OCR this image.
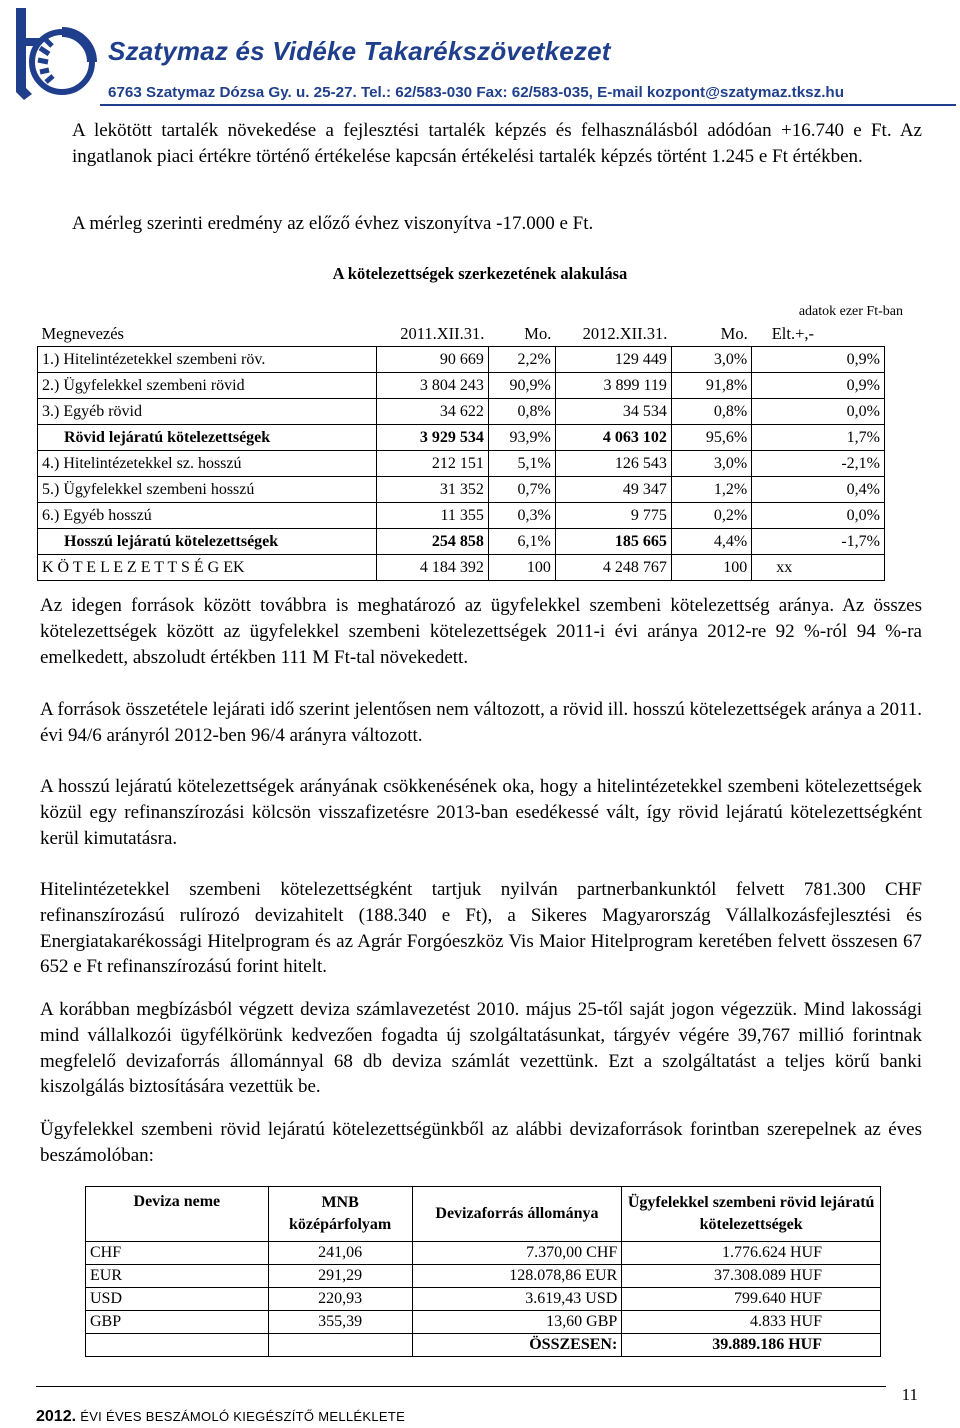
Szatymaz és Vidéke Takarékszövetkezet
6763 Szatymaz Dózsa Gy. u. 25-27. Tel.: 62/583-030 Fax: 62/583-035, E-mail kozpont@szatymaz.tksz.hu
A lekötött tartalék növekedése a fejlesztési tartalék képzés és felhasználásból adódóan +16.740 e Ft. Az ingatlanok piaci értékre történő értékelése kapcsán értékelési tartalék képzés történt 1.245 e Ft értékben.
A mérleg szerinti eredmény az előző évhez viszonyítva -17.000 e Ft.
A kötelezettségek szerkezetének alakulása
adatok ezer Ft-ban
Megnevezés	2011.XII.31.	Mo.	2012.XII.31.	Mo.	Elt.+,-
1.) Hitelintézetekkel szembeni röv.	90 669	2,2%	129 449	3,0%	0,9%
2.) Ügyfelekkel szembeni rövid	3 804 243	90,9%	3 899 119	91,8%	0,9%
3.) Egyéb rövid	34 622	0,8%	34 534	0,8%	0,0%
Rövid lejáratú kötelezettségek	3 929 534	93,9%	4 063 102	95,6%	1,7%
4.) Hitelintézetekkel sz. hosszú	212 151	5,1%	126 543	3,0%	-2,1%
5.) Ügyfelekkel szembeni hosszú	31 352	0,7%	49 347	1,2%	0,4%
6.) Egyéb hosszú	11 355	0,3%	9 775	0,2%	0,0%
Hosszú lejáratú kötelezettségek	254 858	6,1%	185 665	4,4%	-1,7%
K Ö T E L E Z E T T S É G EK	4 184 392	100	4 248 767	100	xx
Az idegen források között továbbra is meghatározó az ügyfelekkel szembeni kötelezettség aránya. Az összes kötelezettségek között az ügyfelekkel szembeni kötelezettségek 2011-i évi aránya 2012-re 92 %-ról 94 %-ra emelkedett, abszoludt értékben 111 M Ft-tal növekedett.
A források összetétele lejárati idő szerint jelentősen nem változott, a rövid ill. hosszú kötelezettségek aránya a 2011. évi 94/6 arányról 2012-ben 96/4 arányra változott.
A hosszú lejáratú kötelezettségek arányának csökkenésének oka, hogy a hitelintézetekkel szembeni kötelezettségek közül egy refinanszírozási kölcsön visszafizetésre 2013-ban esedékessé vált, így rövid lejáratú kötelezettségként kerül kimutatásra.
Hitelintézetekkel szembeni kötelezettségként tartjuk nyilván partnerbankunktól felvett 781.300 CHF refinanszírozású rulírozó devizahitelt (188.340 e Ft), a Sikeres Magyarország Vállalkozásfejlesztési és Energiatakarékossági Hitelprogram és az Agrár Forgóeszköz Vis Maior Hitelprogram keretében felvett összesen 67 652 e Ft refinanszírozású forint hitelt.
A korábban megbízásból végzett deviza számlavezetést 2010. május 25-től saját jogon végezzük. Mind lakossági mind vállalkozói ügyfélkörünk kedvezően fogadta új szolgáltatásunkat, tárgyév végére 39,767 millió forintnak megfelelő devizaforrás állománnyal 68 db deviza számlát vezettünk. Ezt a szolgáltatást a teljes körű banki kiszolgálás biztosítására vezettük be.
Ügyfelekkel szembeni rövid lejáratú kötelezettségünkből az alábbi devizaforrások forintban szerepelnek az éves beszámolóban:
Deviza neme	MNB középárfolyam	Devizaforrás állománya	Ügyfelekkel szembeni rövid lejáratú kötelezettségek
CHF	241,06	7.370,00 CHF	1.776.624 HUF
EUR	291,29	128.078,86 EUR	37.308.089 HUF
USD	220,93	3.619,43 USD	799.640 HUF
GBP	355,39	13,60 GBP	4.833 HUF
		ÖSSZESEN:	39.889.186 HUF
11
2012. ÉVI ÉVES BESZÁMOLÓ KIEGÉSZÍTŐ MELLÉKLETE
